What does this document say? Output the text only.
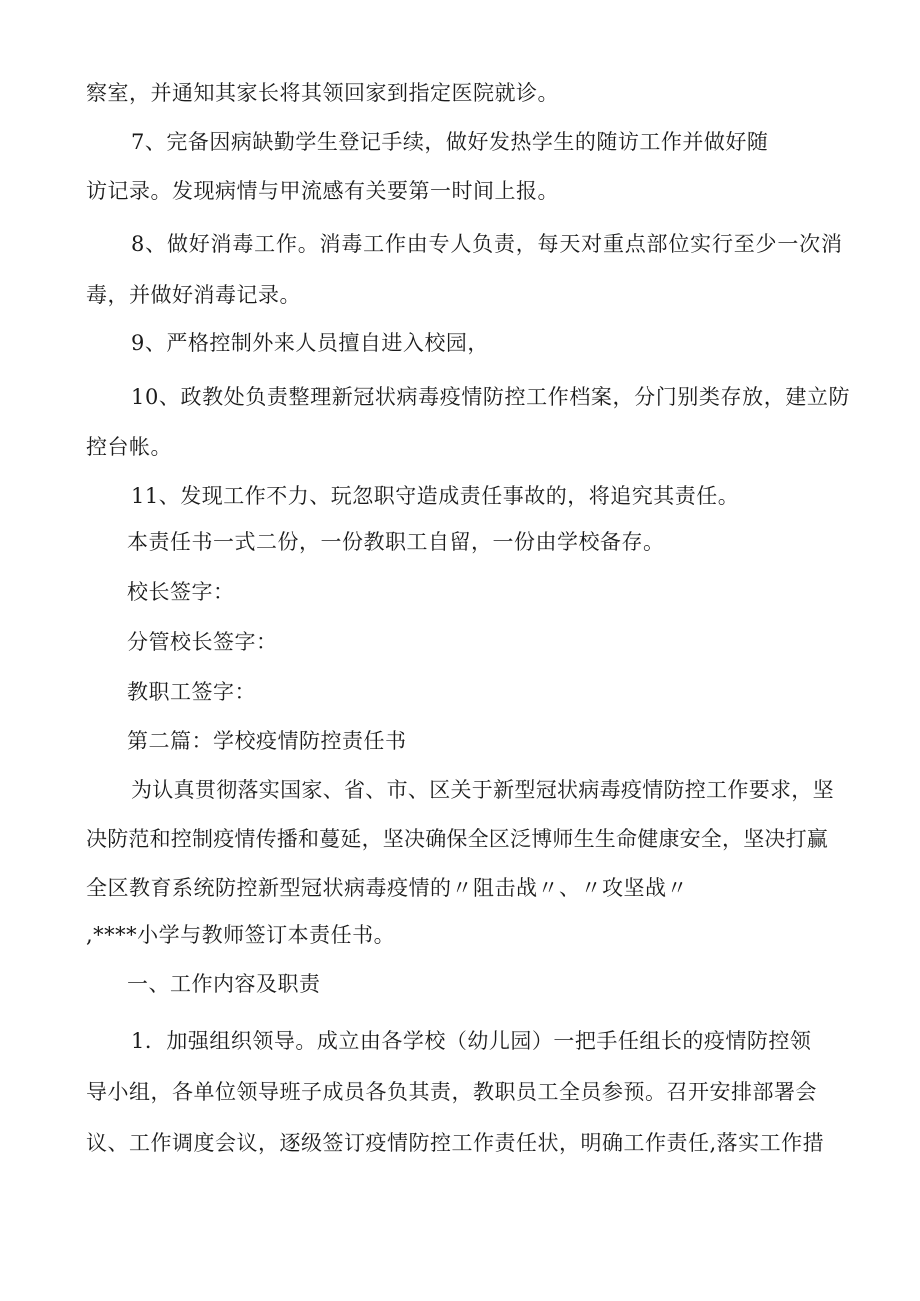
察室，并通知其家长将其领回家到指定医院就诊。
7、完备因病缺勤学生登记手续，做好发热学生的随访工作并做好随
访记录。发现病情与甲流感有关要第一时间上报。
8、做好消毒工作。消毒工作由专人负责，每天对重点部位实行至少一次消
毒，并做好消毒记录。
9、严格控制外来人员擅自进入校园，
10、政教处负责整理新冠状病毒疫情防控工作档案，分门别类存放，建立防
控台帐。
11、发现工作不力、玩忽职守造成责任事故的，将追究其责任。
本责任书一式二份，一份教职工自留，一份由学校备存。
校长签字：
分管校长签字：
教职工签字：
第二篇：学校疫情防控责任书
为认真贯彻落实国家、省、市、区关于新型冠状病毒疫情防控工作要求，坚
决防范和控制疫情传播和蔓延，坚决确保全区泛博师生生命健康安全，坚决打赢
全区教育系统防控新型冠状病毒疫情的〃阻击战〃、〃攻坚战〃
,****小学与教师签订本责任书。
一、工作内容及职责
1．加强组织领导。成立由各学校（幼儿园）一把手任组长的疫情防控领
导小组，各单位领导班子成员各负其责，教职员工全员参预。召开安排部署会
议、工作调度会议，逐级签订疫情防控工作责任状，明确工作责任,落实工作措
